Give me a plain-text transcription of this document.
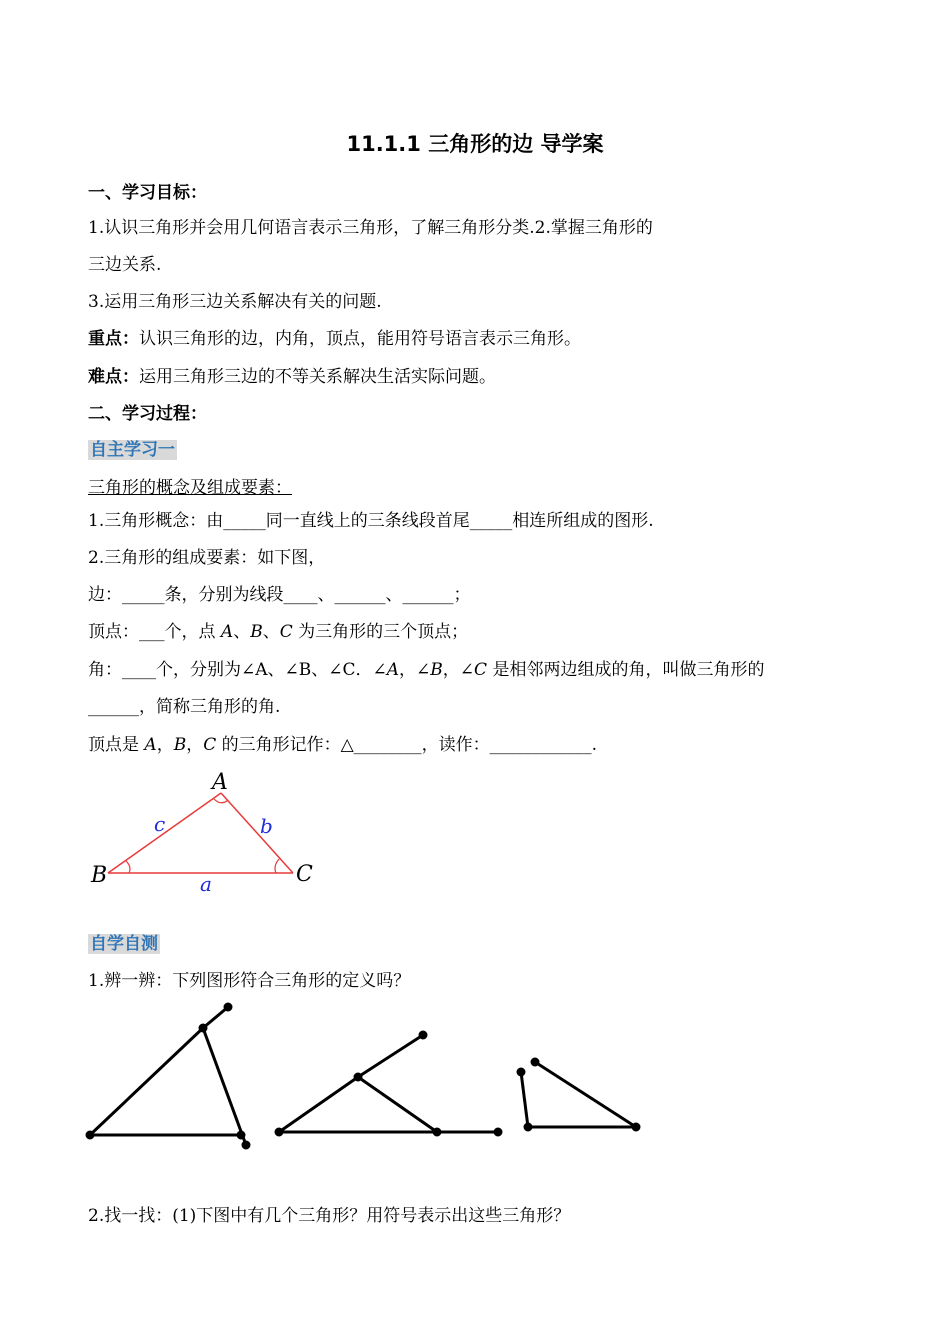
11.1.1 三角形的边 导学案
一、学习目标：
1.认识三角形并会用几何语言表示三角形，了解三角形分类.2.掌握三角形的
三边关系.
3.运用三角形三边关系解决有关的问题.
重点：认识三角形的边，内角，顶点，能用符号语言表示三角形。
难点：运用三角形三边的不等关系解决生活实际问题。
二、学习过程：
自主学习一
三角形的概念及组成要素：
1.三角形概念：由_____同一直线上的三条线段首尾_____相连所组成的图形.
2.三角形的组成要素：如下图，
边：_____条，分别为线段____、______、______；
顶点：___个，点 A、B、C 为三角形的三个顶点；
角：____个，分别为∠A、∠B、∠C．∠A，∠B，∠C 是相邻两边组成的角，叫做三角形的
______，简称三角形的角.
顶点是 A，B，C 的三角形记作：△________，读作：____________.
A
B	C
a
b
c
自学自测
1.辨一辨：下列图形符合三角形的定义吗？
2.找一找：(1)下图中有几个三角形？用符号表示出这些三角形？
